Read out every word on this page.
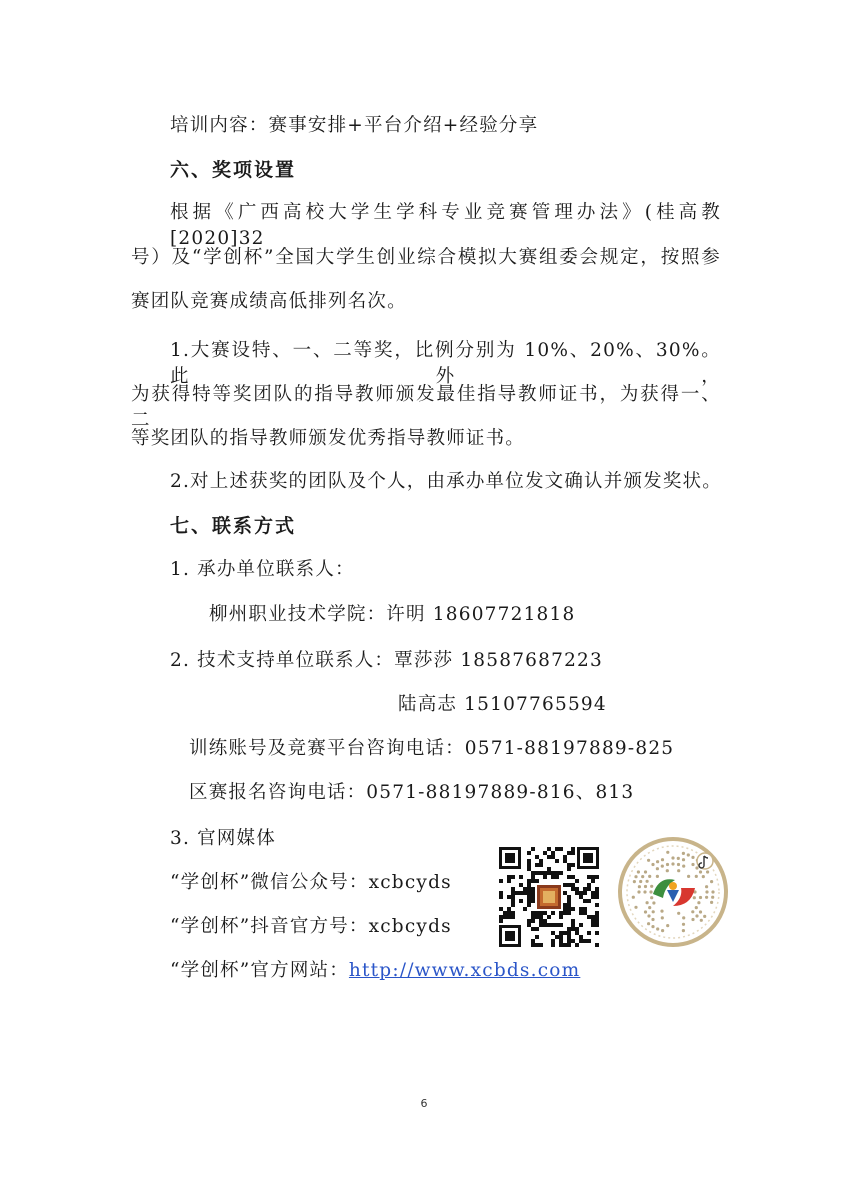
培训内容：赛事安排+平台介绍+经验分享
六、奖项设置
根据《广西高校大学生学科专业竞赛管理办法》(桂高教[2020]32
号）及“学创杯”全国大学生创业综合模拟大赛组委会规定，按照参
赛团队竞赛成绩高低排列名次。
1.大赛设特、一、二等奖，比例分别为 10%、20%、30%。此外，
为获得特等奖团队的指导教师颁发最佳指导教师证书，为获得一、二
等奖团队的指导教师颁发优秀指导教师证书。
2.对上述获奖的团队及个人，由承办单位发文确认并颁发奖状。
七、联系方式
1. 承办单位联系人：
柳州职业技术学院：许明 18607721818
2. 技术支持单位联系人：覃莎莎 18587687223
陆高志 15107765594
训练账号及竞赛平台咨询电话：0571-88197889-825
区赛报名咨询电话：0571-88197889-816、813
3. 官网媒体
“学创杯”微信公众号：xcbcyds
“学创杯”抖音官方号：xcbcyds
“学创杯”官方网站：http://www.xcbds.com
6
